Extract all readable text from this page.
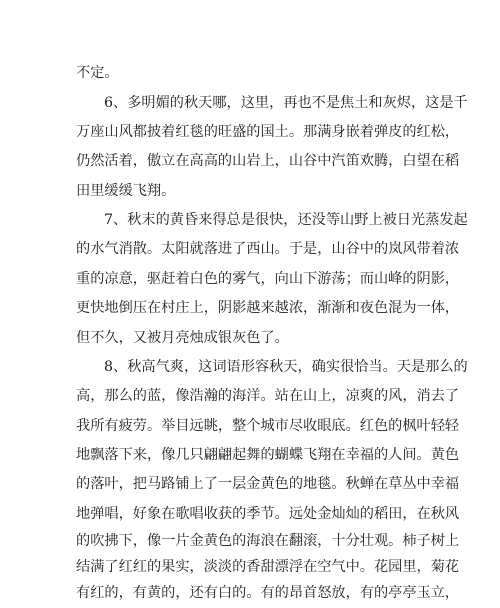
不定。
6、多明媚的秋天哪，这里，再也不是焦土和灰烬，这是千
万座山风都披着红毯的旺盛的国土。那满身嵌着弹皮的红松，
仍然活着，傲立在高高的山岩上，山谷中汽笛欢腾，白望在稻
田里缓缓飞翔。
7、秋末的黄昏来得总是很快，还没等山野上被日光蒸发起
的水气消散。太阳就落进了西山。于是，山谷中的岚风带着浓
重的凉意，驱赶着白色的雾气，向山下游荡；而山峰的阴影，
更快地倒压在村庄上，阴影越来越浓，渐渐和夜色混为一体，
但不久，又被月亮烛成银灰色了。
8、秋高气爽，这词语形容秋天，确实很恰当。天是那么的
高，那么的蓝，像浩瀚的海洋。站在山上，凉爽的风，消去了
我所有疲劳。举目远眺，整个城市尽收眼底。红色的枫叶轻轻
地飘落下来，像几只翩翩起舞的蝴蝶飞翔在幸福的人间。黄色
的落叶，把马路铺上了一层金黄色的地毯。秋蝉在草丛中幸福
地弹唱，好象在歌唱收获的季节。远处金灿灿的稻田，在秋风
的吹拂下，像一片金黄色的海浪在翻滚，十分壮观。柿子树上
结满了红红的果实，淡淡的香甜漂浮在空气中。花园里，菊花
有红的，有黄的，还有白的。有的昂首怒放，有的亭亭玉立，
